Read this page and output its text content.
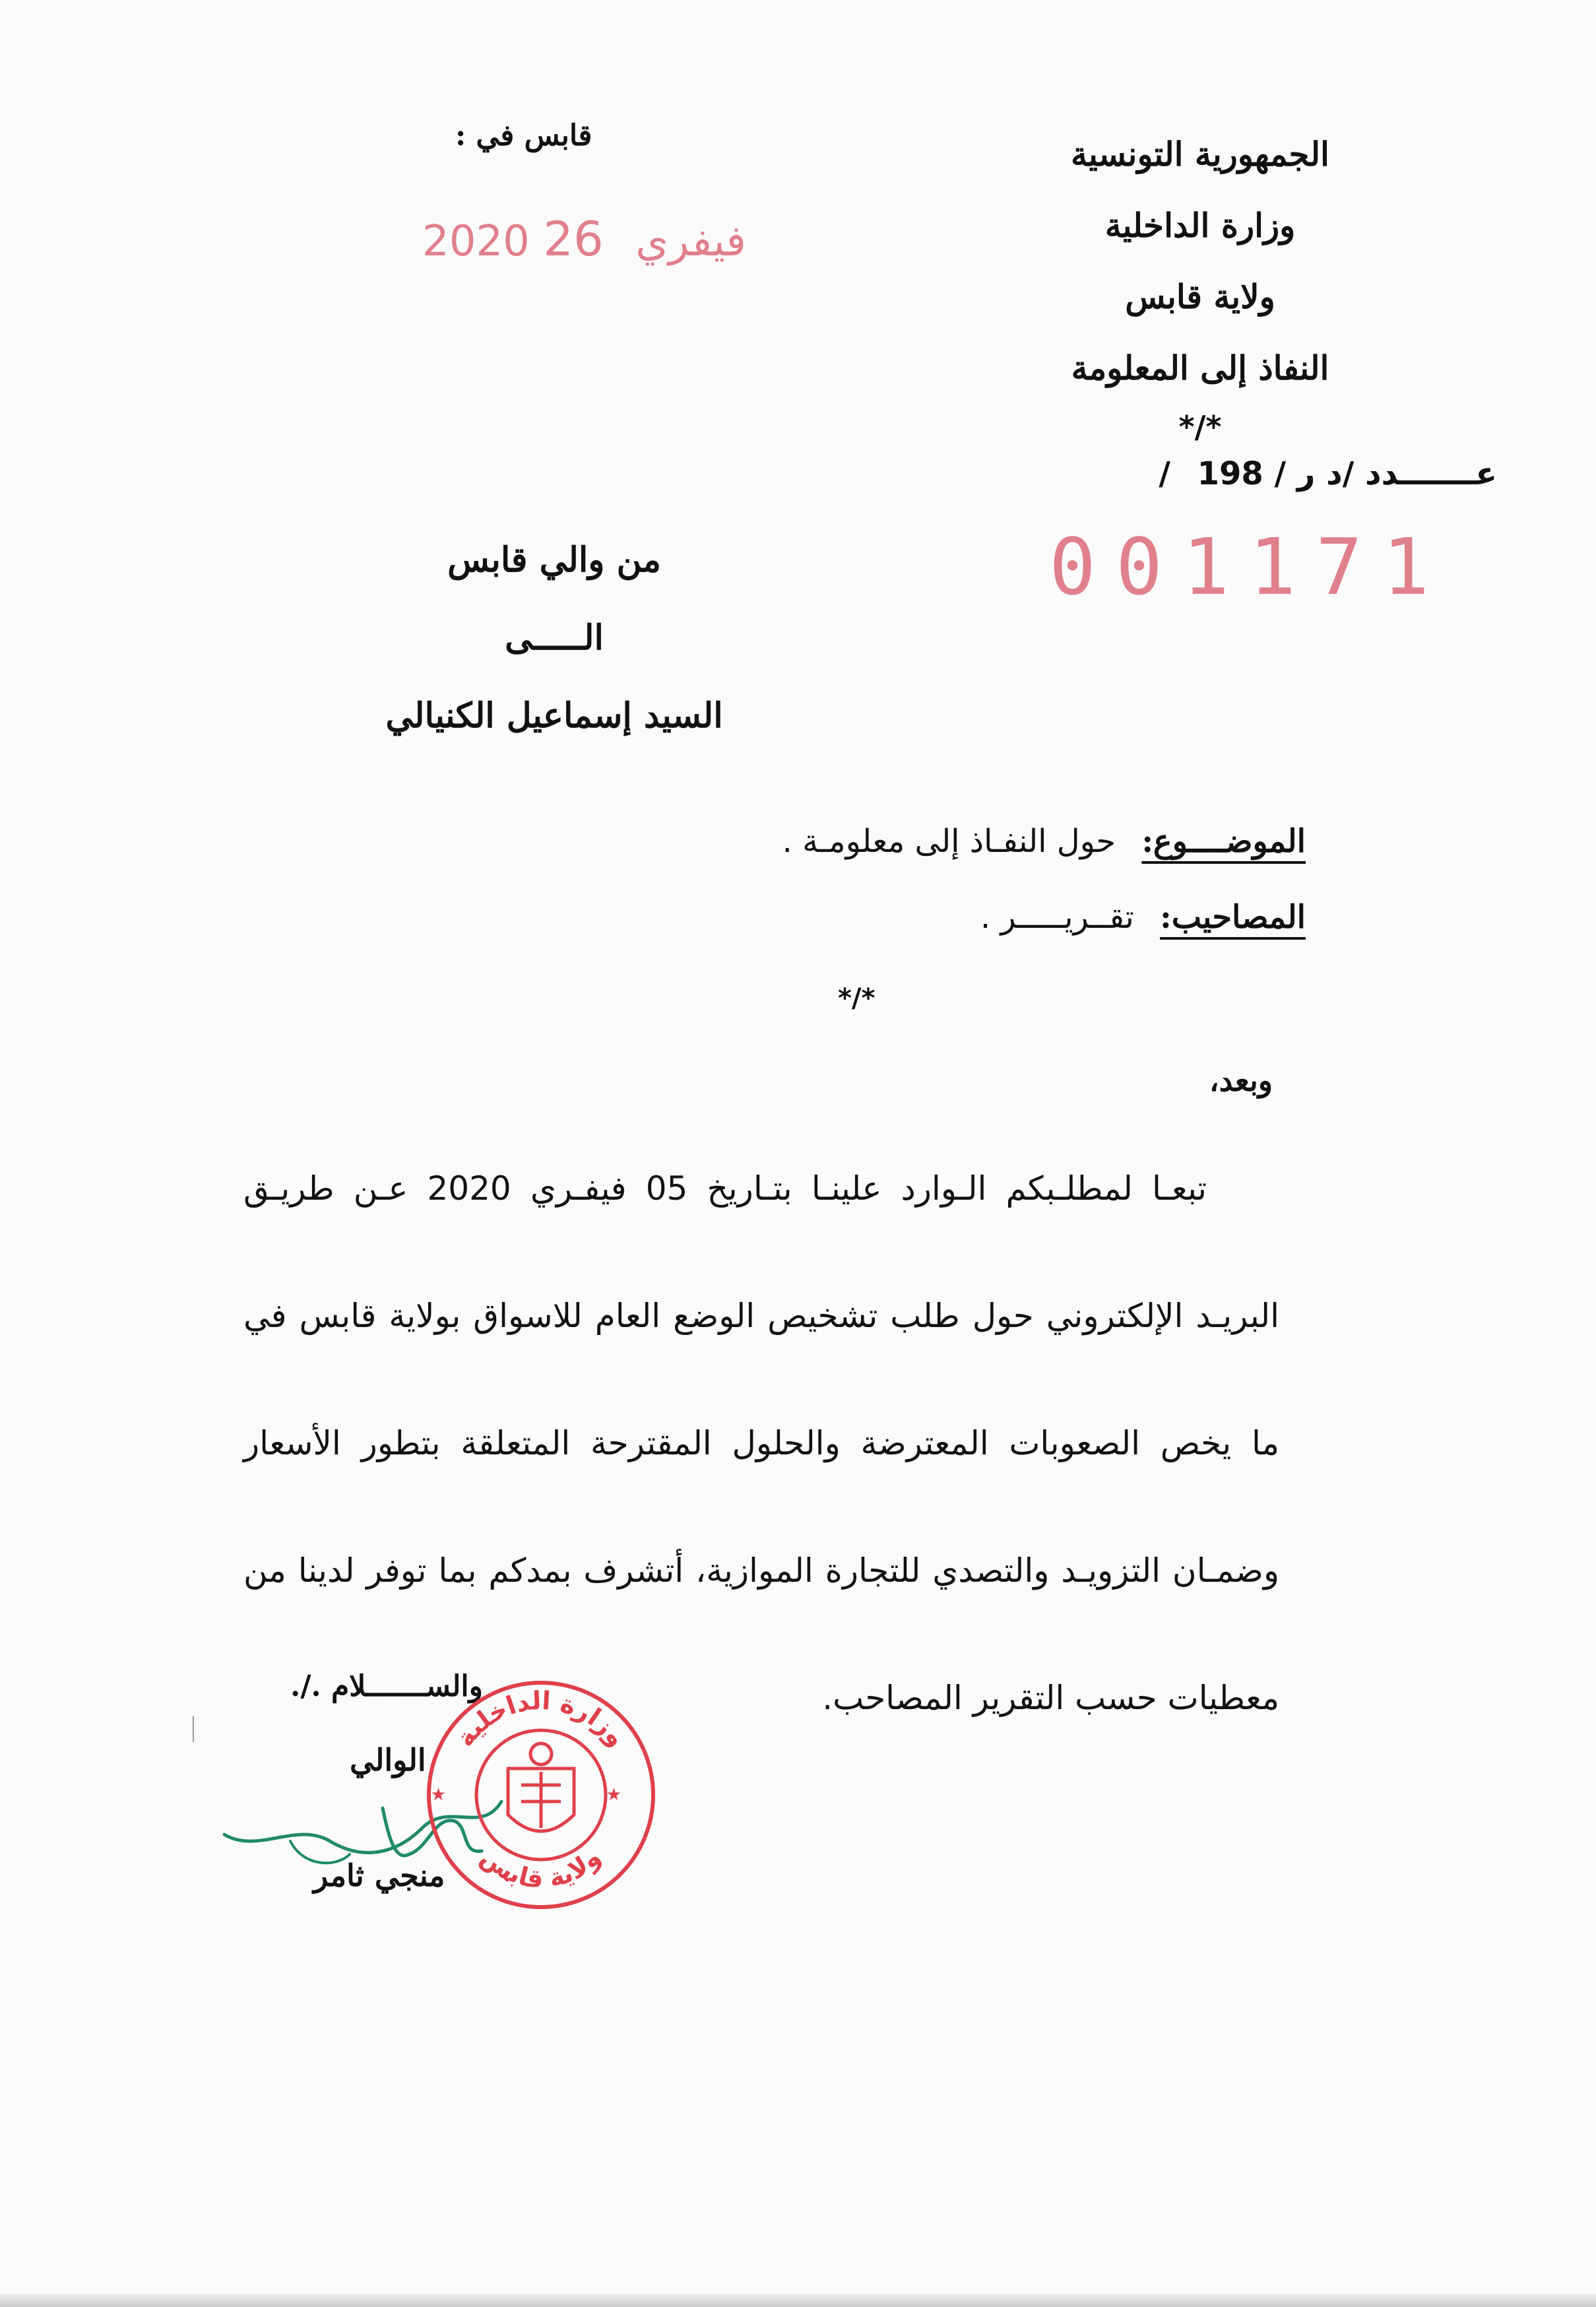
الجمهورية التونسية
وزارة الداخلية
ولاية قابس
النفاذ إلى المعلومة
*/*
/ عـــــــدد /د ر / 198
001171
قابس في :
2020	فيفري 26
من والي قابس
الـــــى
السيد إسماعيل الكنيالي
الموضــــوع: حول النفـاذ إلى معلومـة .
المصاحيب: تقــريـــــر .
*/*
وبعد،
تبعـا لمطلـبكم الـوارد علينـا بتـاريخ 05 فيفـري 2020 عـن طريـق البريـد الإلكتروني حول طلب تشخيص الوضع العام للاسواق بولاية قابس في ما يخص الصعوبات المعترضة والحلول المقترحة المتعلقة بتطور الأسعار وضمـان التزويـد والتصدي للتجارة الموازية، أتشرف بمدكم بما توفر لدينا من معطيات حسب التقرير المصاحب.
والســـــــلام ./.
الوالي
منجي ثامر
وزارة الداخلية
ولاية قابس
★	★
